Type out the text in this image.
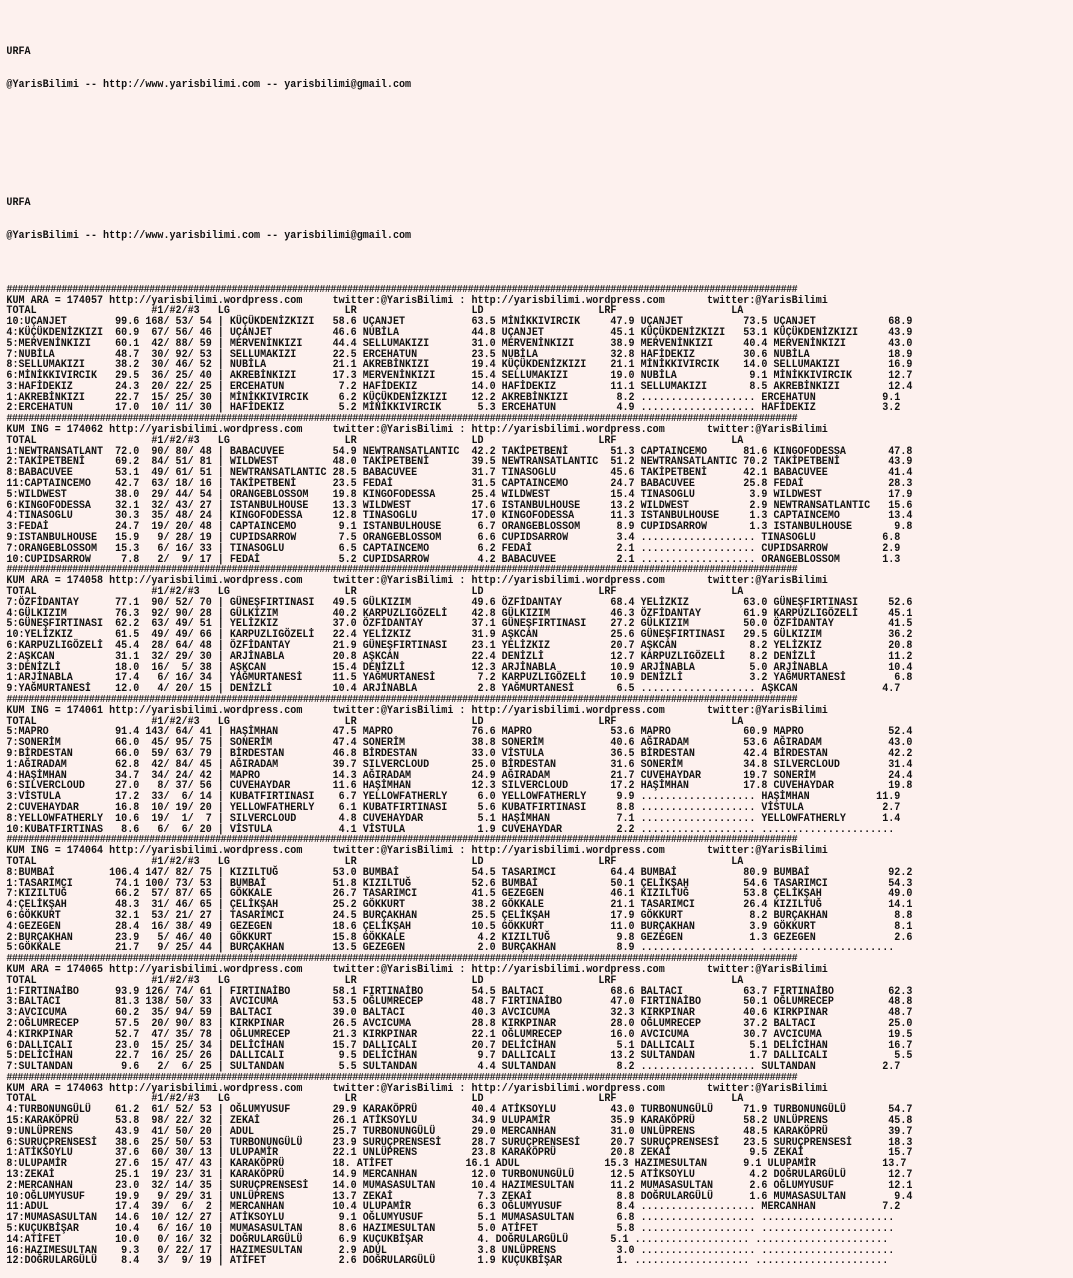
URFA

@YarisBilimi -- http://www.yarisbilimi.com -- yarisbilimi@gmail.com

URFA

@YarisBilimi -- http://www.yarisbilimi.com -- yarisbilimi@gmail.com

################################################################################################################################################
KUM ARA = 174057 http://yarisbilimi.wordpress.com     twitter:@YarisBilimi : http://yarisbilimi.wordpress.com       twitter:@YarisBilimi
TOTAL                   #1/#2/#3   LG                   LR                   LD                   LRF                   LA
10:UÇANJET        99.6 168/ 53/ 54 | KÜÇÜKDENİZKIZI   58.6 UÇANJET           63.5 MİNİKKIVIRCIK     47.9 UÇANJET          73.5 UÇANJET            68.9
4:KÜÇÜKDENİZKIZI  60.9  67/ 56/ 46 | UÇANJET          46.6 NUBİLA            44.8 UÇANJET           45.1 KÜÇÜKDENİZKIZI   53.1 KÜÇÜKDENİZKIZI     43.9
5:MERVENİNKIZI    60.1  42/ 88/ 59 | MERVENİNKIZI     44.4 SELLUMAKIZI       31.0 MERVENİNKIZI      38.9 MERVENİNKIZI     40.4 MERVENİNKIZI       43.0
7:NUBİLA          48.7  30/ 92/ 53 | SELLUMAKIZI      22.5 ERCEHATUN         23.5 NUBİLA            32.8 HAFİDEKIZ        30.6 NUBİLA             18.9
8:SELLUMAKIZI     38.2  30/ 46/ 52 | NUBİLA           21.1 AKREBİNKIZI       19.4 KÜÇÜKDENİZKIZI    21.1 MİNİKKIVIRCIK    14.0 SELLUMAKIZI        16.9
6:MİNİKKIVIRCIK   29.5  36/ 25/ 40 | AKREBİNKIZI      17.3 MERVENİNKIZI      15.4 SELLUMAKIZI       19.0 NUBİLA            9.1 MİNİKKIVIRCIK      12.7
3:HAFİDEKIZ       24.3  20/ 22/ 25 | ERCEHATUN         7.2 HAFİDEKIZ         14.0 HAFİDEKIZ         11.1 SELLUMAKIZI       8.5 AKREBİNKIZI        12.4
1:AKREBİNKIZI     22.7  15/ 25/ 30 | MİNİKKIVIRCIK     6.2 KÜÇÜKDENİZKIZI    12.2 AKREBİNKIZI        8.2 ................... ERCEHATUN           9.1
2:ERCEHATUN       17.0  10/ 11/ 30 | HAFİDEKIZ         5.2 MİNİKKIVIRCIK      5.3 ERCEHATUN          4.9 ................... HAFİDEKIZ           3.2
################################################################################################################################################
KUM ING = 174062 http://yarisbilimi.wordpress.com     twitter:@YarisBilimi : http://yarisbilimi.wordpress.com       twitter:@YarisBilimi
TOTAL                   #1/#2/#3   LG                   LR                   LD                   LRF                   LA
1:NEWTRANSATLANT  72.0  90/ 80/ 48 | BABACUVEE        54.9 NEWTRANSATLANTIC  42.2 TAKİPETBENİ       51.3 CAPTAINCEMO      81.6 KINGOFODESSA       47.8
2:TAKİPETBENİ     69.2  84/ 51/ 81 | WILDWEST         48.0 TAKİPETBENİ       39.5 NEWTRANSATLANTIC  51.2 NEWTRANSATLANTIC 70.2 TAKİPETBENİ        43.9
8:BABACUVEE       53.1  49/ 61/ 51 | NEWTRANSATLANTIC 28.5 BABACUVEE         31.7 TINASOGLU         45.6 TAKİPETBENİ      42.1 BABACUVEE          41.4
11:CAPTAINCEMO    42.7  63/ 18/ 16 | TAKİPETBENİ      23.5 FEDAİ             31.5 CAPTAINCEMO       24.7 BABACUVEE        25.8 FEDAİ              28.3
5:WILDWEST        38.0  29/ 44/ 54 | ORANGEBLOSSOM    19.8 KINGOFODESSA      25.4 WILDWEST          15.4 TINASOGLU         3.9 WILDWEST           17.9
6:KINGOFODESSA    32.1  32/ 43/ 27 | ISTANBULHOUSE    13.3 WILDWEST          17.6 ISTANBULHOUSE     13.2 WILDWEST          2.9 NEWTRANSATLANTIC   15.6
4:TINASOGLU       30.3  35/ 48/ 24 | KINGOFODESSA     12.8 TINASOGLU         17.0 KINGOFODESSA      11.3 ISTANBULHOUSE     1.3 CAPTAINCEMO        13.4
3:FEDAİ           24.7  19/ 20/ 48 | CAPTAINCEMO       9.1 ISTANBULHOUSE      6.7 ORANGEBLOSSOM      8.9 CUPIDSARROW       1.3 ISTANBULHOUSE       9.8
9:ISTANBULHOUSE   15.9   9/ 28/ 19 | CUPIDSARROW       7.5 ORANGEBLOSSOM      6.6 CUPIDSARROW        3.4 ................... TINASOGLU           6.8
7:ORANGEBLOSSOM   15.3   6/ 16/ 33 | TINASOGLU         6.5 CAPTAINCEMO        6.2 FEDAİ              2.1 ................... CUPIDSARROW         2.9
10:CUPIDSARROW     7.8   2/  9/ 17 | FEDAİ             5.2 CUPIDSARROW        4.2 BABACUVEE          2.1 ................... ORANGEBLOSSOM       1.3
################################################################################################################################################
KUM ARA = 174058 http://yarisbilimi.wordpress.com     twitter:@YarisBilimi : http://yarisbilimi.wordpress.com       twitter:@YarisBilimi
TOTAL                   #1/#2/#3   LG                   LR                   LD                   LRF                   LA
7:ÖZFİDANTAY      77.1  90/ 52/ 70 | GÜNEŞFIRTINASI   49.5 GÜLKIZIM          49.6 ÖZFİDANTAY        68.4 YELİZKIZ         63.0 GÜNEŞFIRTINASI     52.6
4:GÜLKIZIM        76.3  92/ 90/ 28 | GÜLKIZIM         40.2 KARPUZLIGÖZELİ    42.8 GÜLKIZIM          46.3 ÖZFİDANTAY       61.9 KARPUZLIGÖZELİ     45.1
5:GÜNEŞFIRTINASI  62.2  63/ 49/ 51 | YELİZKIZ         37.0 ÖZFİDANTAY        37.1 GÜNEŞFIRTINASI    27.2 GÜLKIZIM         50.0 ÖZFİDANTAY         41.5
10:YELİZKIZ       61.5  49/ 49/ 66 | KARPUZLIGÖZELİ   22.4 YELİZKIZ          31.9 AŞKCAN            25.6 GÜNEŞFIRTINASI   29.5 GÜLKIZIM           36.2
6:KARPUZLIGÖZELİ  45.4  28/ 64/ 48 | ÖZFİDANTAY       21.9 GÜNEŞFIRTINASI    23.1 YELİZKIZ          20.7 AŞKCAN            8.2 YELİZKIZ           20.8
2:AŞKCAN          31.1  32/ 29/ 30 | ARJİNABLA        20.8 AŞKCAN            22.4 DENİZLİ           12.7 KARPUZLIGÖZELİ    8.2 DENİZLİ            11.2
3:DENİZLİ         18.0  16/  5/ 38 | AŞKCAN           15.4 DENİZLİ           12.3 ARJİNABLA         10.9 ARJİNABLA         5.0 ARJİNABLA          10.4
1:ARJİNABLA       17.4   6/ 16/ 34 | YAĞMURTANESİ     11.5 YAĞMURTANESİ       7.2 KARPUZLIGÖZELİ    10.9 DENİZLİ           3.2 YAĞMURTANESİ        6.8
9:YAĞMURTANESİ    12.0   4/ 20/ 15 | DENİZLİ          10.4 ARJİNABLA          2.8 YAĞMURTANESİ       6.5 ................... AŞKCAN              4.7
################################################################################################################################################
KUM ING = 174061 http://yarisbilimi.wordpress.com     twitter:@YarisBilimi : http://yarisbilimi.wordpress.com       twitter:@YarisBilimi
TOTAL                   #1/#2/#3   LG                   LR                   LD                   LRF                   LA
5:MAPRO           91.4 143/ 64/ 41 | HAŞİMHAN         47.5 MAPRO             76.6 MAPRO             53.6 MAPRO            60.9 MAPRO              52.4
7:SONERİM         66.0  45/ 95/ 75 | SONERİM          47.4 SONERİM           38.8 SONERİM           40.6 AĞIRADAM         53.6 AĞIRADAM           43.0
9:BİRDESTAN       66.0  59/ 63/ 79 | BİRDESTAN        46.8 BİRDESTAN         33.0 VİSTULA           36.5 BİRDESTAN        42.4 BİRDESTAN          42.2
1:AĞIRADAM        62.8  42/ 84/ 45 | AĞIRADAM         39.7 SILVERCLOUD       25.0 BİRDESTAN         31.6 SONERİM          34.8 SILVERCLOUD        31.4
4:HAŞİMHAN        34.7  34/ 24/ 42 | MAPRO            14.3 AĞIRADAM          24.9 AĞIRADAM          21.7 CUVEHAYDAR       19.7 SONERİM            24.4
6:SILVERCLOUD     27.0   8/ 37/ 56 | CUVEHAYDAR       11.6 HAŞİMHAN          12.3 SILVERCLOUD       17.2 HAŞİMHAN         17.8 CUVEHAYDAR         19.8
3:VİSTULA         17.2  33/  6/ 14 | KUBATFIRTINASI    6.7 YELLOWFATHERLY     6.0 YELLOWFATHERLY     9.9 ................... HAŞİMHAN           11.9
2:CUVEHAYDAR      16.8  10/ 19/ 20 | YELLOWFATHERLY    6.1 KUBATFIRTINASI     5.6 KUBATFIRTINASI     8.8 ................... VİSTULA             2.7
8:YELLOWFATHERLY  10.6  19/  1/  7 | SILVERCLOUD       4.8 CUVEHAYDAR         5.1 HAŞİMHAN           7.1 ................... YELLOWFATHERLY      1.4
10:KUBATFIRTINAS   8.6   6/  6/ 20 | VİSTULA           4.1 VİSTULA            1.9 CUVEHAYDAR         2.2 ................... ......................
################################################################################################################################################
KUM ING = 174064 http://yarisbilimi.wordpress.com     twitter:@YarisBilimi : http://yarisbilimi.wordpress.com       twitter:@YarisBilimi
TOTAL                   #1/#2/#3   LG                   LR                   LD                   LRF                   LA
8:BUMBAİ         106.4 147/ 82/ 75 | KIZILTUĞ         53.0 BUMBAİ            54.5 TASARIMCI         64.4 BUMBAİ           80.9 BUMBAİ             92.2
1:TASARIMCI       74.1 100/ 73/ 53 | BUMBAİ           51.8 KIZILTUĞ          52.6 BUMBAİ            50.1 ÇELİKŞAH         54.6 TASARIMCI          54.3
7:KIZILTUĞ        66.2  57/ 87/ 65 | GÖKKALE          26.7 TASARIMCI         41.5 GEZEGEN           46.1 KIZILTUĞ         53.8 ÇELİKŞAH           49.0
4:ÇELİKŞAH        48.3  31/ 46/ 65 | ÇELİKŞAH         25.2 GÖKKURT           38.2 GÖKKALE           21.1 TASARIMCI        26.4 KIZILTUĞ           14.1
6:GÖKKURT         32.1  53/ 21/ 27 | TASARIMCI        24.5 BURÇAKHAN         25.5 ÇELİKŞAH          17.9 GÖKKURT           8.2 BURÇAKHAN           8.8
4:GEZEGEN         28.4  16/ 38/ 49 | GEZEGEN          18.6 ÇELİKŞAH          10.5 GÖKKURT           11.0 BURÇAKHAN         3.9 GÖKKURT             8.1
2:BURÇAKHAN       23.9   5/ 46/ 40 | GÖKKURT          15.8 GÖKKALE            4.2 KIZILTUĞ           9.8 GEZEGEN           1.3 GEZEGEN             2.6
5:GÖKKALE         21.7   9/ 25/ 44 | BURÇAKHAN        13.5 GEZEGEN            2.0 BURÇAKHAN          8.9 ................... ......................
################################################################################################################################################
KUM ARA = 174065 http://yarisbilimi.wordpress.com     twitter:@YarisBilimi : http://yarisbilimi.wordpress.com       twitter:@YarisBilimi
TOTAL                   #1/#2/#3   LG                   LR                   LD                   LRF                   LA
1:FIRTINAİBO      93.9 126/ 74/ 61 | FIRTINAİBO       58.1 FIRTINAİBO        54.5 BALTACI           68.6 BALTACI          63.7 FIRTINAİBO         62.3
3:BALTACI         81.3 138/ 50/ 33 | AVCICUMA         53.5 OĞLUMRECEP        48.7 FIRTINAİBO        47.0 FIRTINAİBO       50.1 OĞLUMRECEP         48.8
3:AVCICUMA        60.2  35/ 94/ 59 | BALTACI          39.0 BALTACI           40.3 AVCICUMA          32.3 KIRKPINAR        40.6 KIRKPINAR          48.7
2:OĞLUMRECEP      57.5  20/ 90/ 83 | KIRKPINAR        26.5 AVCICUMA          28.8 KIRKPINAR         28.0 OĞLUMRECEP       37.2 BALTACI            25.0
4:KIRKPINAR       52.7  47/ 35/ 78 | OĞLUMRECEP       21.3 KIRKPINAR         22.1 OĞLUMRECEP        16.0 AVCICUMA         30.7 AVCICUMA           19.5
6:DALLICALI       23.0  15/ 25/ 34 | DELİCİHAN        15.7 DALLICALI         20.7 DELİCİHAN          5.1 DALLICALI         5.1 DELİCİHAN          16.7
5:DELİCİHAN       22.7  16/ 25/ 26 | DALLICALI         9.5 DELİCİHAN          9.7 DALLICALI         13.2 SULTANDAN         1.7 DALLICALI           5.5
7:SULTANDAN        9.6   2/  6/ 25 | SULTANDAN         5.5 SULTANDAN          4.4 SULTANDAN          8.2 ................... SULTANDAN           2.7
################################################################################################################################################
KUM ARA = 174063 http://yarisbilimi.wordpress.com     twitter:@YarisBilimi : http://yarisbilimi.wordpress.com       twitter:@YarisBilimi
TOTAL                   #1/#2/#3   LG                   LR                   LD                   LRF                   LA
4:TURBONUNGÜLÜ    61.2  61/ 52/ 53 | OĞLUMYUSUF       29.9 KARAKÖPRÜ         40.4 ATİKSOYLU         43.0 TURBONUNGÜLÜ     71.9 TURBONUNGÜLÜ       54.7
15:KARAKÖPRÜ      53.8  98/ 22/ 32 | ZEKAİ            26.1 ATİKSOYLU         34.9 ULUPAMİR          35.9 KARAKÖPRÜ        58.2 UNLÜPRENS          45.8
9:UNLÜPRENS       43.9  41/ 50/ 20 | ADUL             25.7 TURBONUNGÜLÜ      29.0 MERCANHAN         31.0 UNLÜPRENS        48.5 KARAKÖPRÜ          39.7
6:SURUÇPRENSESİ   38.6  25/ 50/ 53 | TURBONUNGÜLÜ     23.9 SURUÇPRENSESİ     28.7 SURUÇPRENSESİ     20.7 SURUÇPRENSESİ    23.5 SURUÇPRENSESİ      18.3
1:ATİKSOYLU       37.6  60/ 30/ 13 | ULUPAMİR         22.1 UNLÜPRENS         23.8 KARAKÖPRÜ         20.8 ZEKAİ             9.5 ZEKAİ              15.7
8:ULUPAMİR        27.6  15/ 47/ 43 | KARAKÖPRÜ        18. ATİFET            16.1 ADUL              15.3 HAZIMESULTAN      9.1 ULUPAMİR           13.7
13:ZEKAİ          25.1  19/ 23/ 31 | KARAKÖPRÜ        14.9 MERCANHAN         12.0 TURBONUNGÜLÜ      12.5 ATİKSOYLU         4.2 DOĞRULARGÜLÜ       12.7
2:MERCANHAN       23.0  32/ 14/ 35 | SURUÇPRENSESİ    14.0 MUMASASULTAN      10.4 HAZIMESULTAN      11.2 MUMASASULTAN      2.6 OĞLUMYUSUF         12.1
10:OĞLUMYUSUF     19.9   9/ 29/ 31 | UNLÜPRENS        13.7 ZEKAİ              7.3 ZEKAİ              8.8 DOĞRULARGÜLÜ      1.6 MUMASASULTAN        9.4
11:ADUL           17.4  39/  6/  2 | MERCANHAN        10.4 ULUPAMİR           6.3 OĞLUMYUSUF         8.4 ................... MERCANHAN           7.2
17:MUMASASULTAN   14.6  10/ 12/ 27 | ATİKSOYLU         9.1 OĞLUMYUSUF         5.1 MUMASASULTAN       6.8 ................... ......................
5:KUÇUKBİŞAR      10.4   6/ 16/ 10 | MUMASASULTAN      8.6 HAZIMESULTAN       5.0 ATİFET             5.8 ................... ......................
14:ATİFET         10.0   0/ 16/ 32 | DOĞRULARGÜLÜ      6.9 KUÇUKBİŞAR         4. DOĞRULARGÜLÜ       5.1 ................... ......................
16:HAZIMESULTAN    9.3   0/ 22/ 17 | HAZIMESULTAN      2.9 ADUL               3.8 UNLÜPRENS          3.0 ................... ......................
12:DOĞRULARGÜLÜ    8.4   3/  9/ 19 | ATİFET            2.6 DOĞRULARGÜLÜ       1.9 KUÇUKBİŞAR         1. ................... ......................
